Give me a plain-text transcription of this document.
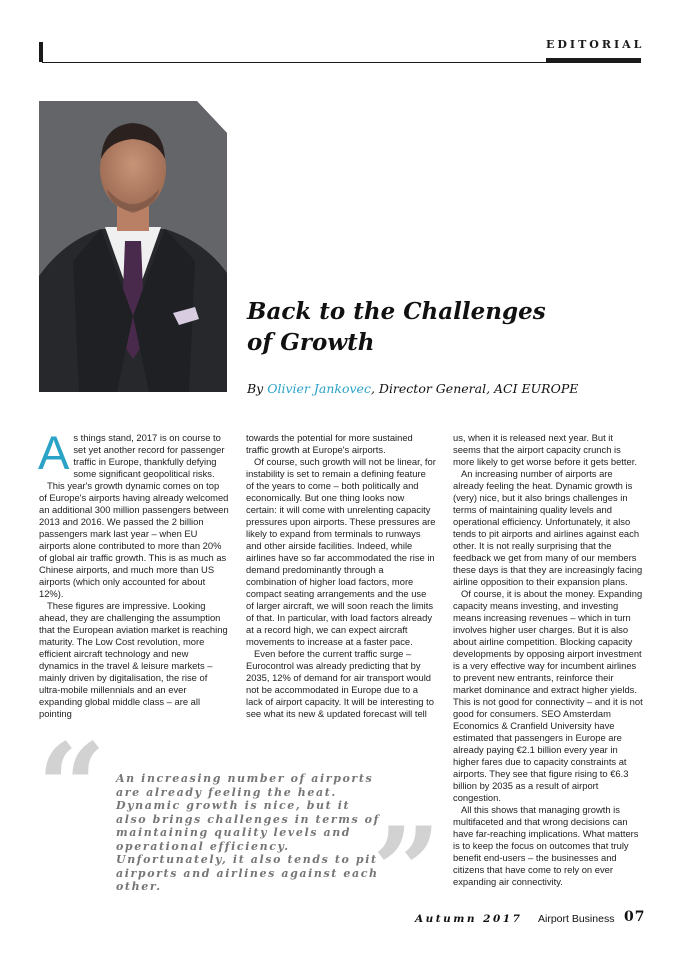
EDITORIAL
Back to the Challenges
of Growth
By Olivier Jankovec, Director General, ACI EUROPE

As things stand, 2017 is on course to set yet another record for passenger traffic in Europe, thankfully defying some significant geopolitical risks.

This year's growth dynamic comes on top of Europe's airports having already welcomed an additional 300 million passengers between 2013 and 2016. We passed the 2 billion passengers mark last year – when EU airports alone contributed to more than 20% of global air traffic growth. This is as much as Chinese airports, and much more than US airports (which only accounted for about 12%).

These figures are impressive. Looking ahead, they are challenging the assumption that the European aviation market is reaching maturity. The Low Cost revolution, more efficient aircraft technology and new dynamics in the travel & leisure markets – mainly driven by digitalisation, the rise of ultra-mobile millennials and an ever expanding global middle class – are all pointing

towards the potential for more sustained traffic growth at Europe's airports.

Of course, such growth will not be linear, for instability is set to remain a defining feature of the years to come – both politically and economically. But one thing looks now certain: it will come with unrelenting capacity pressures upon airports. These pressures are likely to expand from terminals to runways and other airside facilities. Indeed, while airlines have so far accommodated the rise in demand predominantly through a combination of higher load factors, more compact seating arrangements and the use of larger aircraft, we will soon reach the limits of that. In particular, with load factors already at a record high, we can expect aircraft movements to increase at a faster pace.

Even before the current traffic surge – Eurocontrol was already predicting that by 2035, 12% of demand for air transport would not be accommodated in Europe due to a lack of airport capacity. It will be interesting to see what its new & updated forecast will tell

us, when it is released next year. But it seems that the airport capacity crunch is more likely to get worse before it gets better.

An increasing number of airports are already feeling the heat. Dynamic growth is (very) nice, but it also brings challenges in terms of maintaining quality levels and operational efficiency. Unfortunately, it also tends to pit airports and airlines against each other. It is not really surprising that the feedback we get from many of our members these days is that they are increasingly facing airline opposition to their expansion plans.

Of course, it is about the money. Expanding capacity means investing, and investing means increasing revenues – which in turn involves higher user charges. But it is also about airline competition. Blocking capacity developments by opposing airport investment is a very effective way for incumbent airlines to prevent new entrants, reinforce their market dominance and extract higher yields. This is not good for connectivity – and it is not good for consumers. SEO Amsterdam Economics & Cranfield University have estimated that passengers in Europe are already paying €2.1 billion every year in higher fares due to capacity constraints at airports. They see that figure rising to €6.3 billion by 2035 as a result of airport congestion.

All this shows that managing growth is multifaceted and that wrong decisions can have far-reaching implications. What matters is to keep the focus on outcomes that truly benefit end-users – the businesses and citizens that have come to rely on ever expanding air connectivity.

“ An increasing number of airports are already feeling the heat. Dynamic growth is nice, but it also brings challenges in terms of maintaining quality levels and operational efficiency. Unfortunately, it also tends to pit airports and airlines against each other.	”
Autumn 2017 Airport Business 07
